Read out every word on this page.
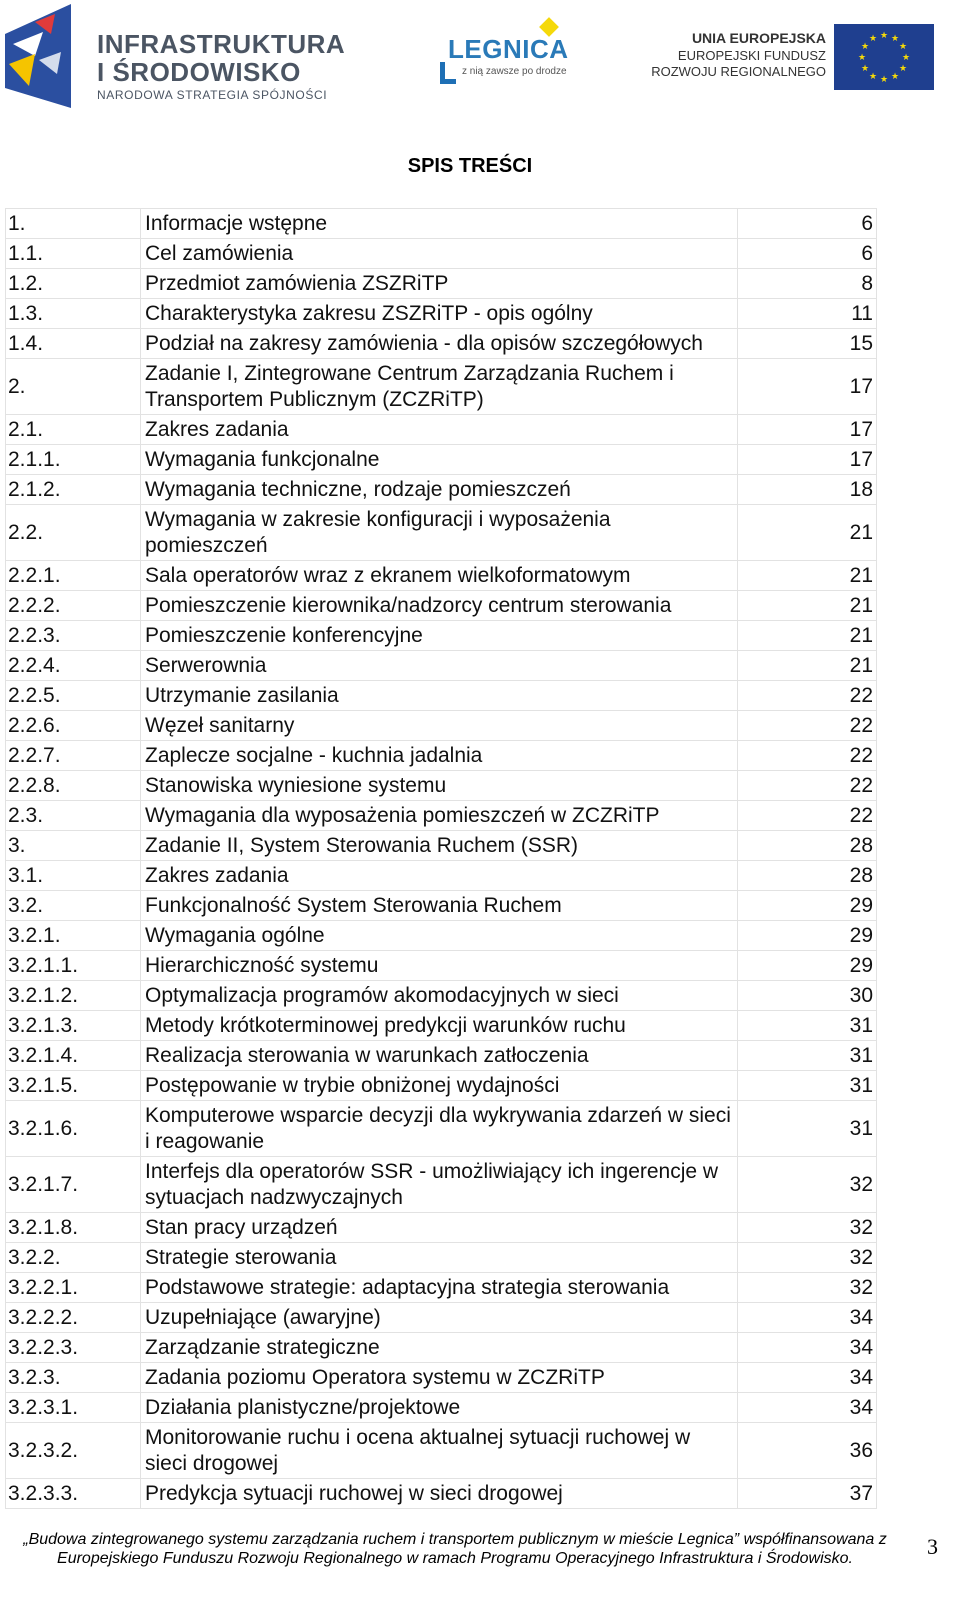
INFRASTRUKTURA
I ŚRODOWISKO
NARODOWA STRATEGIA SPÓJNOŚCI
LEGNICA
z nią zawsze po drodze
UNIA EUROPEJSKA
EUROPEJSKI FUNDUSZ
ROZWOJU REGIONALNEGO
★ ★
★
★
★
★
★
★
★
★
★
★
SPIS TREŚCI
1.	Informacje wstępne	6
1.1.	Cel zamówienia	6
1.2.	Przedmiot zamówienia ZSZRiTP	8
1.3.	Charakterystyka zakresu ZSZRiTP - opis ogólny	11
1.4.	Podział na zakresy zamówienia - dla opisów szczegółowych	15
2.	Zadanie I, Zintegrowane Centrum Zarządzania Ruchem i Transportem Publicznym (ZCZRiTP)	17
2.1.	Zakres zadania	17
2.1.1.	Wymagania funkcjonalne	17
2.1.2.	Wymagania techniczne, rodzaje pomieszczeń	18
2.2.	Wymagania w zakresie konfiguracji i wyposażenia pomieszczeń	21
2.2.1.	Sala operatorów wraz z ekranem wielkoformatowym	21
2.2.2.	Pomieszczenie kierownika/nadzorcy centrum sterowania	21
2.2.3.	Pomieszczenie konferencyjne	21
2.2.4.	Serwerownia	21
2.2.5.	Utrzymanie zasilania	22
2.2.6.	Węzeł sanitarny	22
2.2.7.	Zaplecze socjalne - kuchnia jadalnia	22
2.2.8.	Stanowiska wyniesione systemu	22
2.3.	Wymagania dla wyposażenia pomieszczeń w ZCZRiTP	22
3.	Zadanie II, System Sterowania Ruchem (SSR)	28
3.1.	Zakres zadania	28
3.2.	Funkcjonalność System Sterowania Ruchem	29
3.2.1.	Wymagania ogólne	29
3.2.1.1.	Hierarchiczność systemu	29
3.2.1.2.	Optymalizacja programów akomodacyjnych w sieci	30
3.2.1.3.	Metody krótkoterminowej predykcji warunków ruchu	31
3.2.1.4.	Realizacja sterowania w warunkach zatłoczenia	31
3.2.1.5.	Postępowanie w trybie obniżonej wydajności	31
3.2.1.6.	Komputerowe wsparcie decyzji dla wykrywania zdarzeń w sieci i reagowanie	31
3.2.1.7.	Interfejs dla operatorów SSR - umożliwiający ich ingerencje w sytuacjach nadzwyczajnych	32
3.2.1.8.	Stan pracy urządzeń	32
3.2.2.	Strategie sterowania	32
3.2.2.1.	Podstawowe strategie: adaptacyjna strategia sterowania	32
3.2.2.2.	Uzupełniające (awaryjne)	34
3.2.2.3.	Zarządzanie strategiczne	34
3.2.3.	Zadania poziomu Operatora systemu w ZCZRiTP	34
3.2.3.1.	Działania planistyczne/projektowe	34
3.2.3.2.	Monitorowanie ruchu i ocena aktualnej sytuacji ruchowej w sieci drogowej	36
3.2.3.3.	Predykcja sytuacji ruchowej w sieci drogowej	37
„Budowa zintegrowanego systemu zarządzania ruchem i transportem publicznym w mieście Legnica” współfinansowana z
Europejskiego Funduszu Rozwoju Regionalnego w ramach Programu Operacyjnego Infrastruktura i Środowisko.	3
